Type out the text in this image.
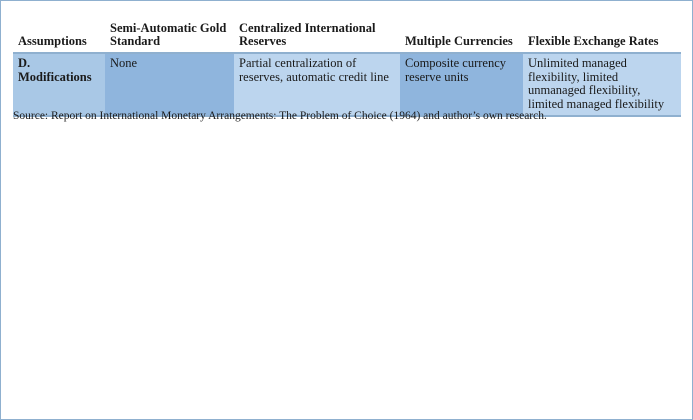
Assumptions	Semi-Automatic Gold Standard	Centralized International Reserves	Multiple Currencies	Flexible Exchange Rates
D. Modifications	None	Partial centralization of reserves, automatic credit line	Composite currency reserve units	Unlimited managed flexibility, limited unmanaged flexibility, limited managed flexibility
Source: Report on International Monetary Arrangements: The Problem of Choice (1964) and author’s own research.
